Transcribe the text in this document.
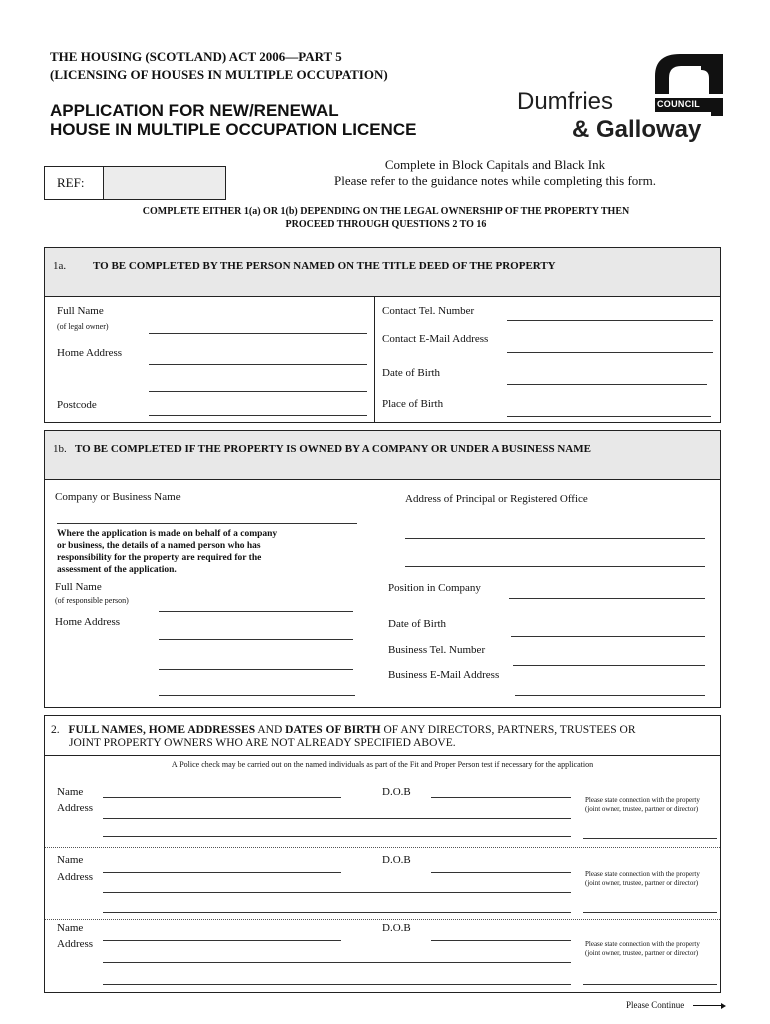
THE HOUSING (SCOTLAND) ACT 2006—PART 5
(LICENSING OF HOUSES IN MULTIPLE OCCUPATION)
APPLICATION FOR NEW/RENEWAL
HOUSE IN MULTIPLE OCCUPATION LICENCE
COUNCIL
Dumfries
& Galloway
REF:
Complete in Block Capitals and Black Ink
Please refer to the guidance notes while completing this form.
COMPLETE EITHER 1(a) OR 1(b) DEPENDING ON THE LEGAL OWNERSHIP OF THE PROPERTY THEN
PROCEED THROUGH QUESTIONS 2 TO 16
1a. TO BE COMPLETED BY THE PERSON NAMED ON THE TITLE DEED OF THE PROPERTY
Full Name
(of legal owner)
Home Address
Postcode
Contact Tel. Number
Contact E-Mail Address
Date of Birth
Place of Birth
1b. TO BE COMPLETED IF THE PROPERTY IS OWNED BY A COMPANY OR UNDER A BUSINESS NAME
Company or Business Name
Where the application is made on behalf of a company
or business, the details of a named person who has
responsibility for the property are required for the
assessment of the application.
Full Name
(of responsible person)
Home Address
Address of Principal or Registered Office
Position in Company
Date of Birth
Business Tel. Number
Business E-Mail Address
2. FULL NAMES, HOME ADDRESSES AND DATES OF BIRTH OF ANY DIRECTORS, PARTNERS, TRUSTEES OR
JOINT PROPERTY OWNERS WHO ARE NOT ALREADY SPECIFIED ABOVE.
A Police check may be carried out on the named individuals as part of the Fit and Proper Person test if necessary for the application
Name	D.O.B
Address
Please state connection with the property
(joint owner, trustee, partner or director)
Name	D.O.B
Address	Please state connection with the property
(joint owner, trustee, partner or director)
Name	D.O.B
Address	Please state connection with the property
(joint owner, trustee, partner or director)
Please Continue
